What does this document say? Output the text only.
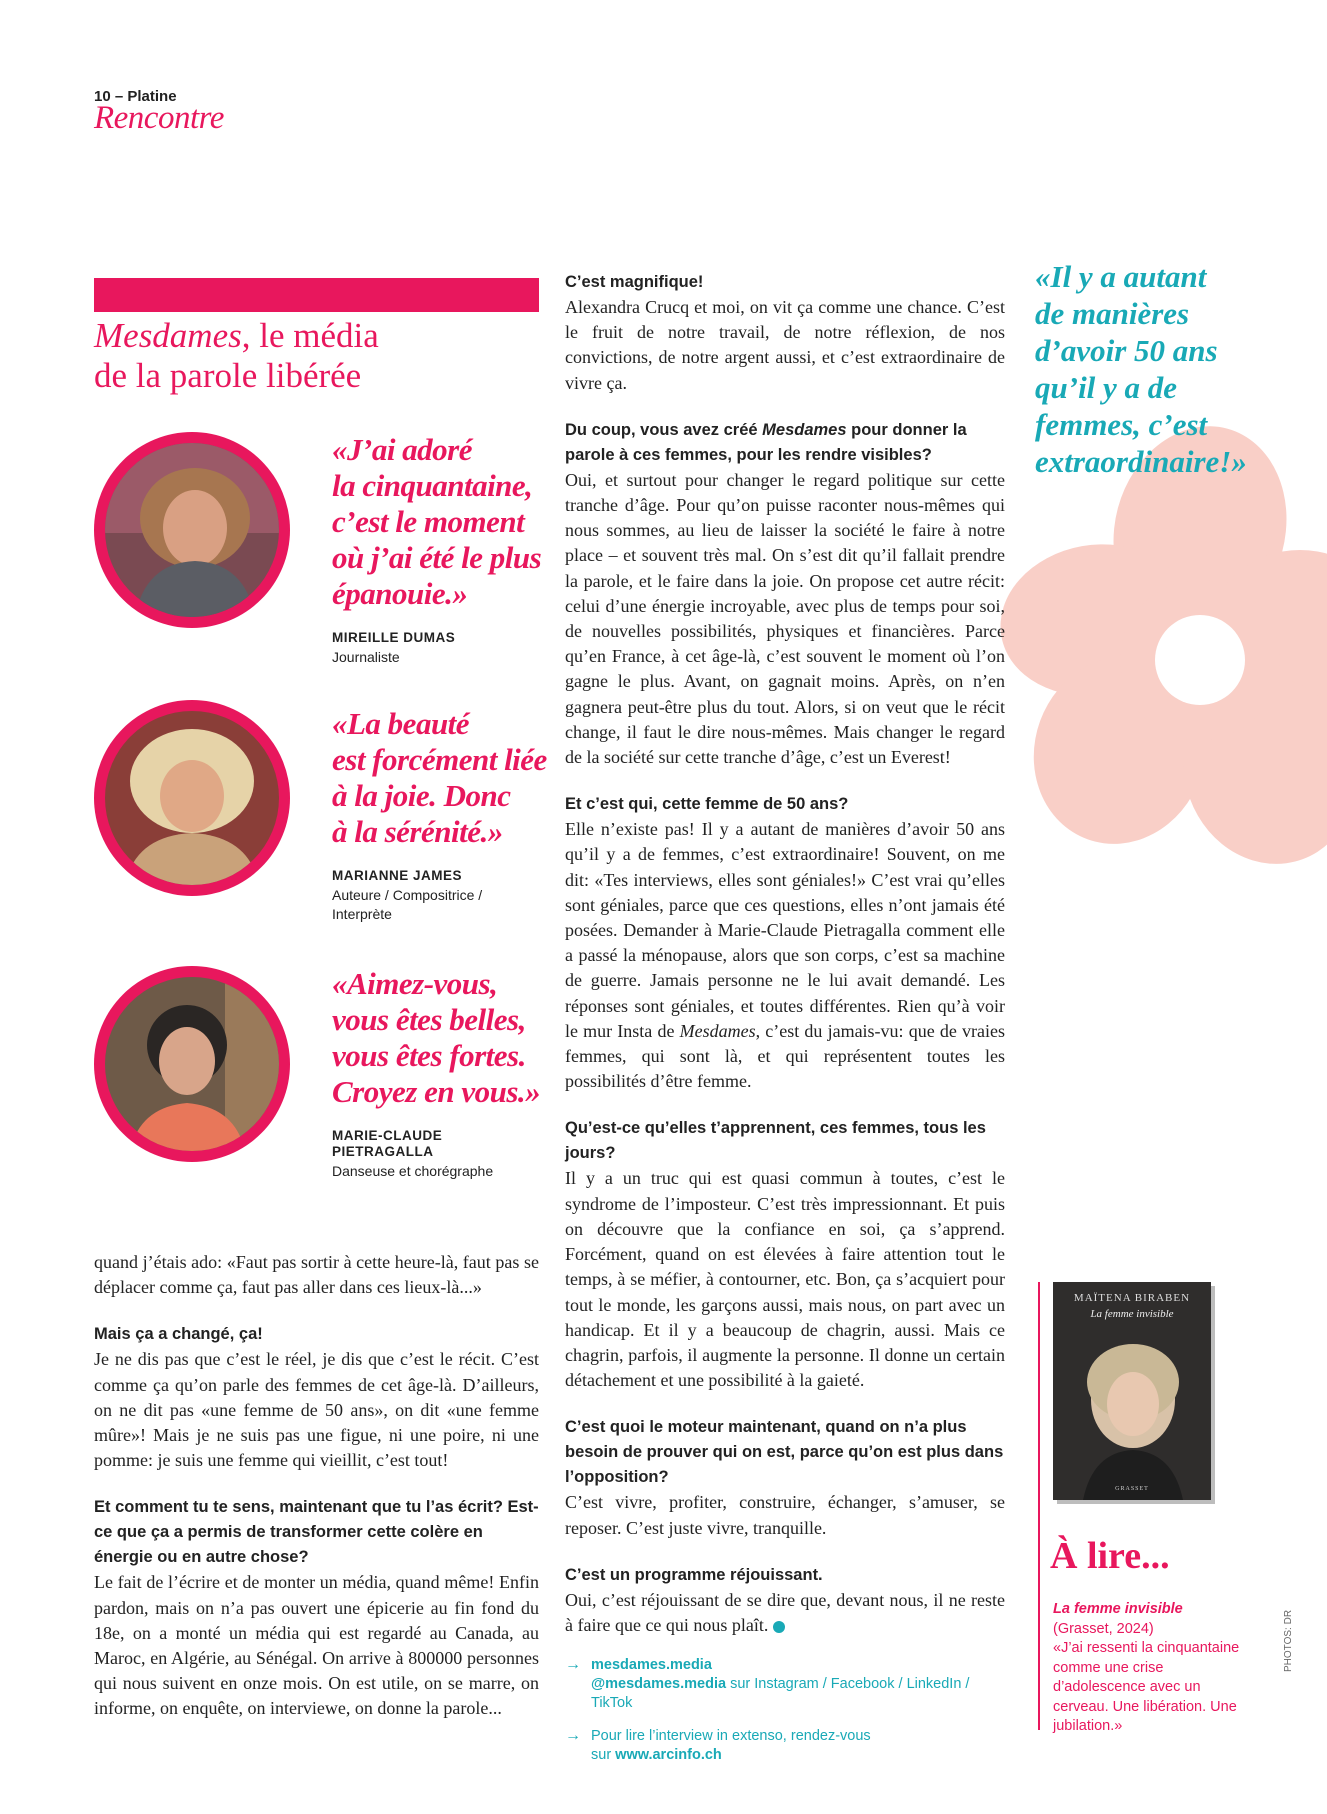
10 – Platine
Rencontre
Mesdames, le média
de la parole libérée
«J’ai adoré
la cinquantaine,
c’est le moment
où j’ai été le plus
épanouie.»
MIREILLE DUMAS
Journaliste
«La beauté
est forcément liée
à la joie. Donc
à la sérénité.»
MARIANNE JAMES
Auteure / Compositrice /
Interprète
«Aimez-vous,
vous êtes belles,
vous êtes fortes.
Croyez en vous.»
MARIE-CLAUDE
PIETRAGALLA
Danseuse et chorégraphe
quand j’étais ado: «Faut pas sortir à cette heure-là, faut pas se déplacer comme ça, faut pas aller dans ces lieux-là...»
Mais ça a changé, ça!
Je ne dis pas que c’est le réel, je dis que c’est le récit. C’est comme ça qu’on parle des femmes de cet âge-là. D’ailleurs, on ne dit pas «une femme de 50 ans», on dit «une femme mûre»! Mais je ne suis pas une figue, ni une poire, ni une pomme: je suis une femme qui vieillit, c’est tout!
Et comment tu te sens, maintenant que tu l’as écrit? Est-ce que ça a permis de transformer cette colère en énergie ou en autre chose?
Le fait de l’écrire et de monter un média, quand même! Enfin pardon, mais on n’a pas ouvert une épicerie au fin fond du 18e, on a monté un média qui est regardé au Canada, au Maroc, en Algérie, au Sénégal. On arrive à 800000 personnes qui nous suivent en onze mois. On est utile, on se marre, on informe, on enquête, on interviewe, on donne la parole...
C’est magnifique!
Alexandra Crucq et moi, on vit ça comme une chance. C’est le fruit de notre travail, de notre réflexion, de nos convictions, de notre argent aussi, et c’est extraordinaire de vivre ça.
Du coup, vous avez créé Mesdames pour donner la parole à ces femmes, pour les rendre visibles?
Oui, et surtout pour changer le regard politique sur cette tranche d’âge. Pour qu’on puisse raconter nous-mêmes qui nous sommes, au lieu de laisser la société le faire à notre place – et souvent très mal. On s’est dit qu’il fallait prendre la parole, et le faire dans la joie. On propose cet autre récit: celui d’une énergie incroyable, avec plus de temps pour soi, de nouvelles possibilités, physiques et financières. Parce qu’en France, à cet âge-là, c’est souvent le moment où l’on gagne le plus. Avant, on gagnait moins. Après, on n’en gagnera peut-être plus du tout. Alors, si on veut que le récit change, il faut le dire nous-mêmes. Mais changer le regard de la société sur cette tranche d’âge, c’est un Everest!
Et c’est qui, cette femme de 50 ans?
Elle n’existe pas! Il y a autant de manières d’avoir 50 ans qu’il y a de femmes, c’est extraordinaire! Souvent, on me dit: «Tes interviews, elles sont géniales!» C’est vrai qu’elles sont géniales, parce que ces questions, elles n’ont jamais été posées. Demander à Marie-Claude Pietragalla comment elle a passé la ménopause, alors que son corps, c’est sa machine de guerre. Jamais personne ne le lui avait demandé. Les réponses sont géniales, et toutes différentes. Rien qu’à voir le mur Insta de Mesdames, c’est du jamais-vu: que de vraies femmes, qui sont là, et qui représentent toutes les possibilités d’être femme.
Qu’est-ce qu’elles t’apprennent, ces femmes, tous les jours?
Il y a un truc qui est quasi commun à toutes, c’est le syndrome de l’imposteur. C’est très impressionnant. Et puis on découvre que la confiance en soi, ça s’apprend. Forcément, quand on est élevées à faire attention tout le temps, à se méfier, à contourner, etc. Bon, ça s’acquiert pour tout le monde, les garçons aussi, mais nous, on part avec un handicap. Et il y a beaucoup de chagrin, aussi. Mais ce chagrin, parfois, il augmente la personne. Il donne un certain détachement et une possibilité à la gaieté.
C’est quoi le moteur maintenant, quand on n’a plus besoin de prouver qui on est, parce qu’on est plus dans l’opposition?
C’est vivre, profiter, construire, échanger, s’amuser, se reposer. C’est juste vivre, tranquille.
C’est un programme réjouissant.
Oui, c’est réjouissant de se dire que, devant nous, il ne reste à faire que ce qui nous plaît.
→ mesdames.media
@mesdames.media sur Instagram / Facebook / LinkedIn / TikTok
→ Pour lire l’interview in extenso, rendez-vous sur www.arcinfo.ch
«Il y a autant
de manières
d’avoir 50 ans
qu’il y a de
femmes, c’est
extraordinaire!»
MAÏTENA BIRABEN
La femme invisible
GRASSET
À lire...
La femme invisible
(Grasset, 2024)
«J’ai ressenti la cinquantaine comme une crise d’adolescence avec un cerveau. Une libération. Une jubilation.»
PHOTOS: DR
